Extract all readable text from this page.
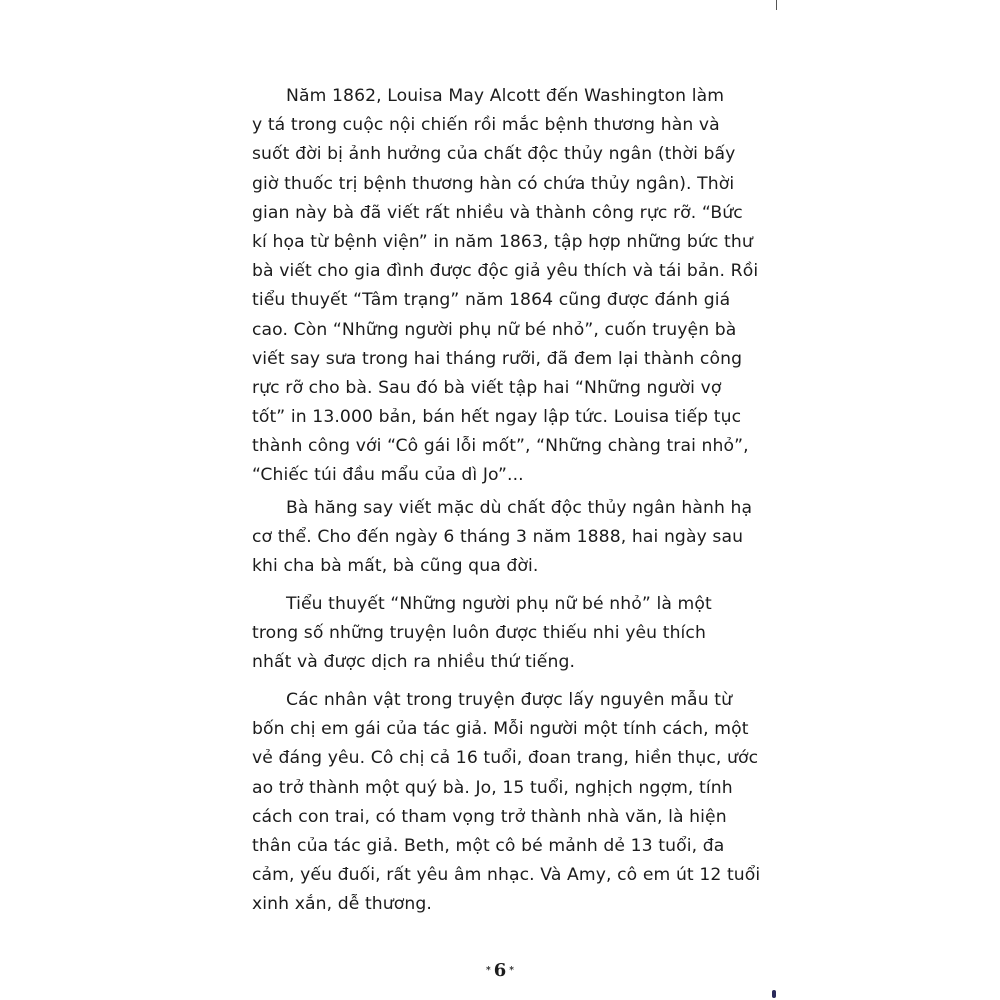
Năm 1862, Louisa May Alcott đến Washington làm
y tá trong cuộc nội chiến rồi mắc bệnh thương hàn và
suốt đời bị ảnh hưởng của chất độc thủy ngân (thời bấy
giờ thuốc trị bệnh thương hàn có chứa thủy ngân). Thời
gian này bà đã viết rất nhiều và thành công rực rỡ. “Bức
kí họa từ bệnh viện” in năm 1863, tập hợp những bức thư
bà viết cho gia đình được độc giả yêu thích và tái bản. Rồi
tiểu thuyết “Tâm trạng” năm 1864 cũng được đánh giá
cao. Còn “Những người phụ nữ bé nhỏ”, cuốn truyện bà
viết say sưa trong hai tháng rưỡi, đã đem lại thành công
rực rỡ cho bà. Sau đó bà viết tập hai “Những người vợ
tốt” in 13.000 bản, bán hết ngay lập tức. Louisa tiếp tục
thành công với “Cô gái lỗi mốt”, “Những chàng trai nhỏ”,
“Chiếc túi đầu mẩu của dì Jo”...
Bà hăng say viết mặc dù chất độc thủy ngân hành hạ
cơ thể. Cho đến ngày 6 tháng 3 năm 1888, hai ngày sau
khi cha bà mất, bà cũng qua đời.
Tiểu thuyết “Những người phụ nữ bé nhỏ” là một
trong số những truyện luôn được thiếu nhi yêu thích
nhất và được dịch ra nhiều thứ tiếng.
Các nhân vật trong truyện được lấy nguyên mẫu từ
bốn chị em gái của tác giả. Mỗi người một tính cách, một
vẻ đáng yêu. Cô chị cả 16 tuổi, đoan trang, hiền thục, ước
ao trở thành một quý bà. Jo, 15 tuổi, nghịch ngợm, tính
cách con trai, có tham vọng trở thành nhà văn, là hiện
thân của tác giả. Beth, một cô bé mảnh dẻ 13 tuổi, đa
cảm, yếu đuối, rất yêu âm nhạc. Và Amy, cô em út 12 tuổi
xinh xắn, dễ thương.
* 6 *
